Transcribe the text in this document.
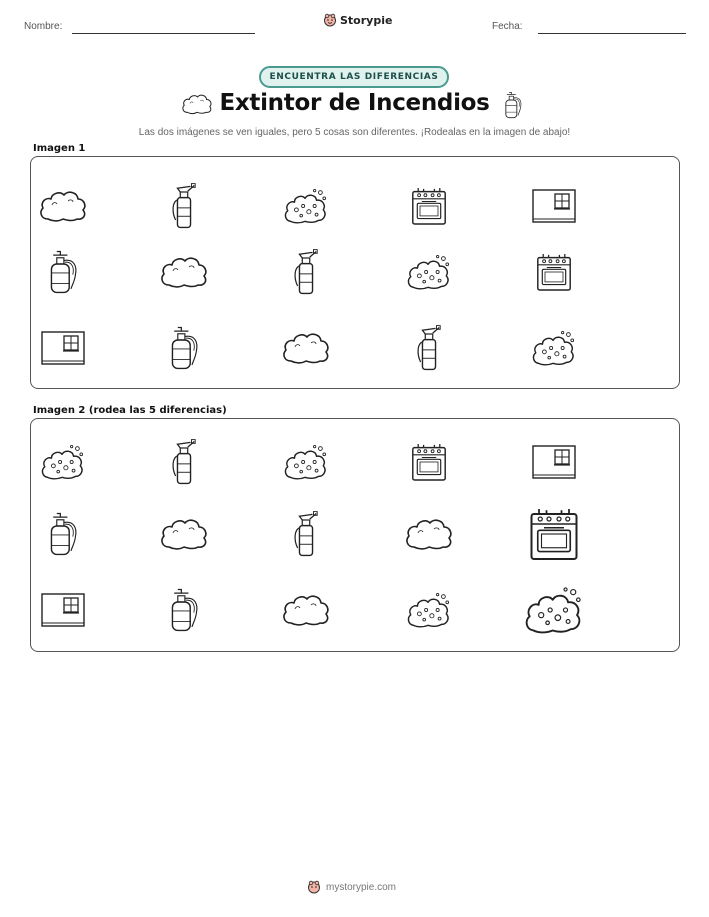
Nombre:	Storypie	Fecha:
ENCUENTRA LAS DIFERENCIAS
Extintor de Incendios
Las dos imágenes se ven iguales, pero 5 cosas son diferentes. ¡Rodealas en la imagen de abajo!
Imagen 1
Imagen 2 (rodea las 5 diferencias)
mystorypie.com
